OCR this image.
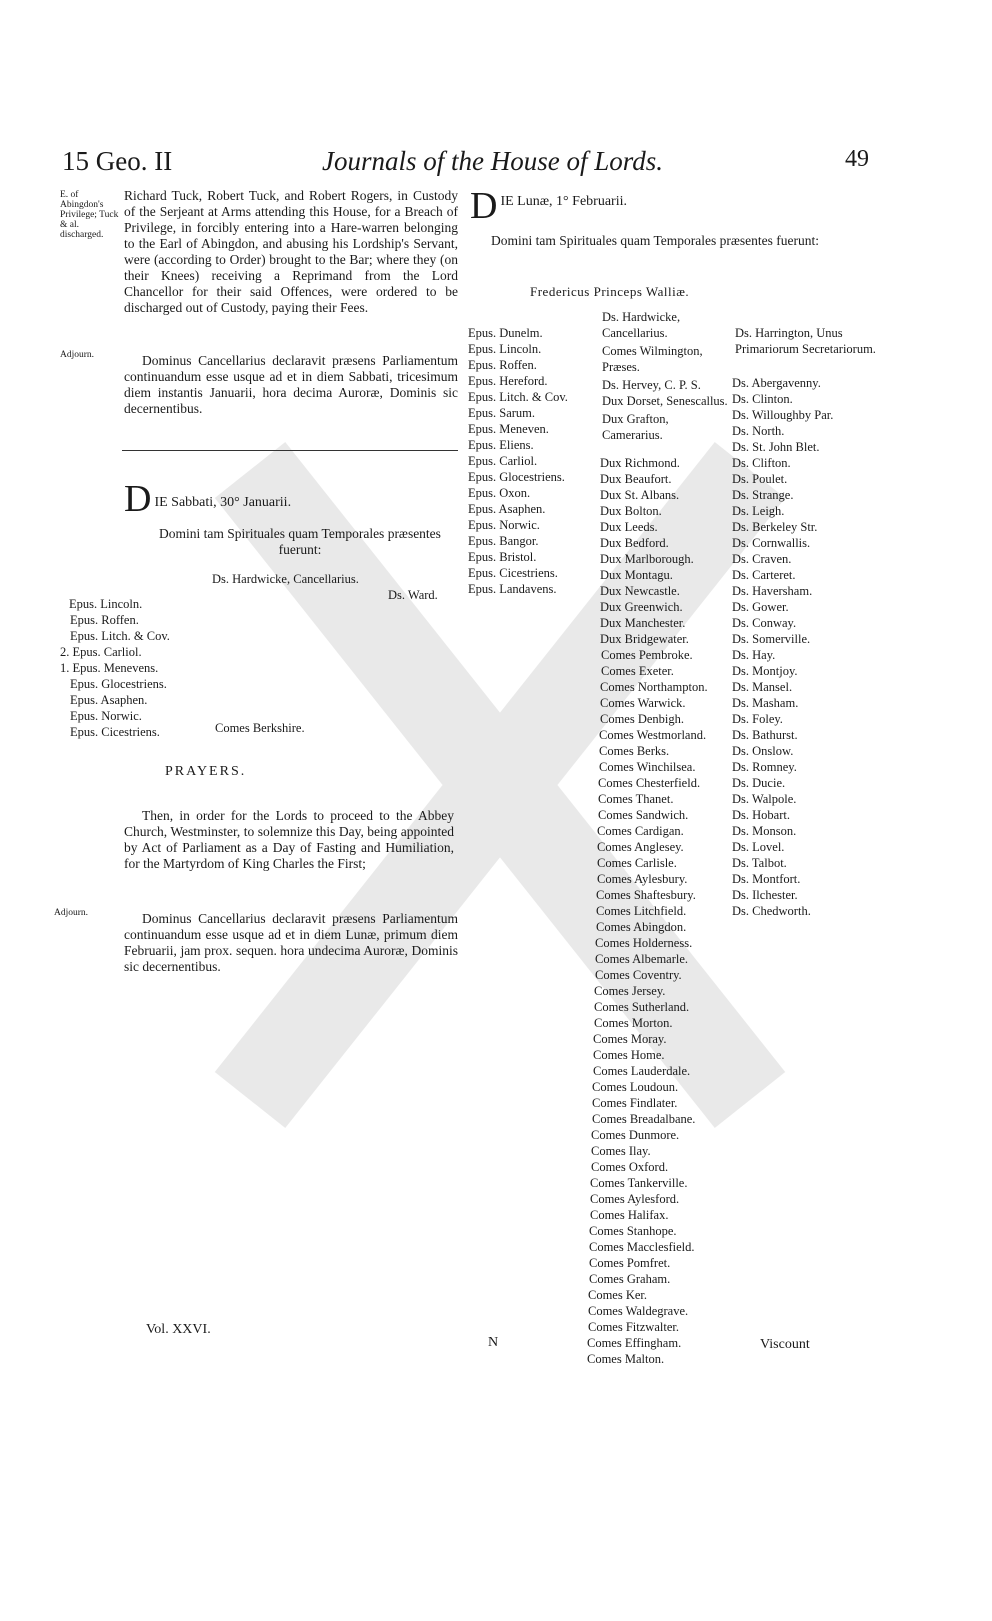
15 Geo. II	Journals of the House of Lords.	49
E. of Abingdon's Privilege; Tuck & al. discharged.
Richard Tuck, Robert Tuck, and Robert Rogers, in Custody of the Serjeant at Arms attending this House, for a Breach of Privilege, in forcibly entering into a Hare-warren belonging to the Earl of Abingdon, and abusing his Lordship's Servant, were (according to Order) brought to the Bar; where they (on their Knees) receiving a Reprimand from the Lord Chancellor for their said Offences, were ordered to be discharged out of Custody, paying their Fees.
Adjourn.	Dominus Cancellarius declaravit præsens Parliamentum continuandum esse usque ad et in diem Sabbati, tricesimum diem instantis Januarii, hora decima Auroræ, Dominis sic decernentibus.
D IE Sabbati, 30° Januarii.
Domini tam Spirituales quam Temporales præsentes fuerunt:
Ds. Hardwicke, Cancellarius.
Ds. Ward.
Epus. Lincoln.
Epus. Roffen.
Epus. Litch. & Cov.
2. Epus. Carliol.
1. Epus. Menevens.
Epus. Glocestriens.
Epus. Asaphen.
Epus. Norwic.
Epus. Cicestriens.	Comes Berkshire.
PRAYERS.
Then, in order for the Lords to proceed to the Abbey Church, Westminster, to solemnize this Day, being appointed by Act of Parliament as a Day of Fasting and Humiliation, for the Martyrdom of King Charles the First;
Adjourn.	Dominus Cancellarius declaravit præsens Parliamentum continuandum esse usque ad et in diem Lunæ, primum diem Februarii, jam prox. sequen. hora undecima Auroræ, Dominis sic decernentibus.
Vol. XXVI.
D IE Lunæ, 1° Februarii.
Domini tam Spirituales quam Temporales præsentes fuerunt:
Fredericus Princeps Walliæ.
Epus. Dunelm.
Epus. Lincoln.
Epus. Roffen.
Epus. Hereford.
Epus. Litch. & Cov.
Epus. Sarum.
Epus. Meneven.
Epus. Eliens.
Epus. Carliol.
Epus. Glocestriens.
Epus. Oxon.
Epus. Asaphen.
Epus. Norwic.
Epus. Bangor.
Epus. Bristol.
Epus. Cicestriens.
Epus. Landavens.
Ds. Hardwicke, Cancellarius.
Comes Wilmington, Præses.
Ds. Hervey, C. P. S.
Dux Dorset, Senescallus.
Dux Grafton, Camerarius.
Dux Richmond.
Dux Beaufort.
Dux St. Albans.
Dux Bolton.
Dux Leeds.
Dux Bedford.
Dux Marlborough.
Dux Montagu.
Dux Newcastle.
Dux Greenwich.
Dux Manchester.
Dux Bridgewater.
Comes Pembroke.
Comes Exeter.
Comes Northampton.
Comes Warwick.
Comes Denbigh.
Comes Westmorland.
Comes Berks.
Comes Winchilsea.
Comes Chesterfield.
Comes Thanet.
Comes Sandwich.
Comes Cardigan.
Comes Anglesey.
Comes Carlisle.
Comes Aylesbury.
Comes Shaftesbury.
Comes Litchfield.
Comes Abingdon.
Comes Holderness.
Comes Albemarle.
Comes Coventry.
Comes Jersey.
Comes Sutherland.
Comes Morton.
Comes Moray.
Comes Home.
Comes Lauderdale.
Comes Loudoun.
Comes Findlater.
Comes Breadalbane.
Comes Dunmore.
Comes Ilay.
Comes Oxford.
Comes Tankerville.
Comes Aylesford.
Comes Halifax.
Comes Stanhope.
Comes Macclesfield.
Comes Pomfret.
Comes Graham.
Comes Ker.
Comes Waldegrave.
Comes Fitzwalter.
Comes Effingham.
Comes Malton.
Ds. Harrington, Unus Primariorum Secretariorum.
Ds. Abergavenny.
Ds. Clinton.
Ds. Willoughby Par.
Ds. North.
Ds. St. John Blet.
Ds. Clifton.
Ds. Poulet.
Ds. Strange.
Ds. Leigh.
Ds. Berkeley Str.
Ds. Cornwallis.
Ds. Craven.
Ds. Carteret.
Ds. Haversham.
Ds. Gower.
Ds. Conway.
Ds. Somerville.
Ds. Hay.
Ds. Montjoy.
Ds. Mansel.
Ds. Masham.
Ds. Foley.
Ds. Bathurst.
Ds. Onslow.
Ds. Romney.
Ds. Ducie.
Ds. Walpole.
Ds. Hobart.
Ds. Monson.
Ds. Lovel.
Ds. Talbot.
Ds. Montfort.
Ds. Ilchester.
Ds. Chedworth.
N	Viscount
